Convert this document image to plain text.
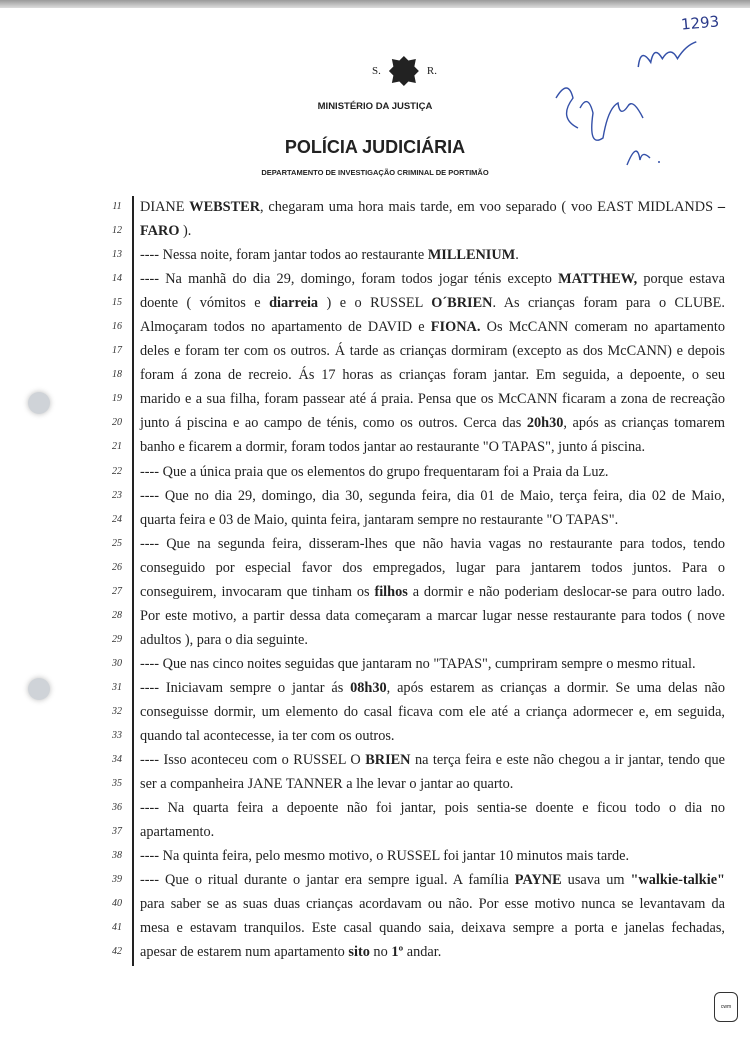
S.	R.
MINISTÉRIO DA JUSTIÇA
POLÍCIA JUDICIÁRIA
DEPARTAMENTO DE INVESTIGAÇÃO CRIMINAL DE PORTIMÃO
1293
11	DIANE WEBSTER, chegaram uma hora mais tarde, em voo separado ( voo EAST MIDLANDS –
12 FARO ).
13 ---- Nessa noite, foram jantar todos ao restaurante MILLENIUM.
14 ---- Na manhã do dia 29, domingo, foram todos jogar ténis excepto MATTHEW, porque estava
15 doente ( vómitos e diarreia ) e o RUSSEL O´BRIEN. As crianças foram para o CLUBE.
16 Almoçaram todos no apartamento de DAVID e FIONA. Os McCANN comeram no apartamento
17 deles e foram ter com os outros. Á tarde as crianças dormiram (excepto as dos McCANN) e depois
18 foram á zona de recreio. Ás 17 horas as crianças foram jantar. Em seguida, a depoente, o seu
19 marido e a sua filha, foram passear até á praia. Pensa que os McCANN ficaram a zona de recreação
20 junto á piscina e ao campo de ténis, como os outros. Cerca das 20h30, após as crianças tomarem
21 banho e ficarem a dormir, foram todos jantar ao restaurante "O TAPAS", junto á piscina.
22 ---- Que a única praia que os elementos do grupo frequentaram foi a Praia da Luz.
23 ---- Que no dia 29, domingo, dia 30, segunda feira, dia 01 de Maio, terça feira, dia 02 de Maio,
24 quarta feira e 03 de Maio, quinta feira, jantaram sempre no restaurante "O TAPAS".
25 ---- Que na segunda feira, disseram-lhes que não havia vagas no restaurante para todos, tendo
26 conseguido por especial favor dos empregados, lugar para jantarem todos juntos. Para o
27 conseguirem, invocaram que tinham os filhos a dormir e não poderiam deslocar-se para outro lado.
28 Por este motivo, a partir dessa data começaram a marcar lugar nesse restaurante para todos ( nove
29 adultos ), para o dia seguinte.
30 ---- Que nas cinco noites seguidas que jantaram no "TAPAS", cumpriram sempre o mesmo ritual.
31 ---- Iniciavam sempre o jantar ás 08h30, após estarem as crianças a dormir. Se uma delas não
32 conseguisse dormir, um elemento do casal ficava com ele até a criança adormecer e, em seguida,
33 quando tal acontecesse, ia ter com os outros.
34 ---- Isso aconteceu com o RUSSEL O BRIEN na terça feira e este não chegou a ir jantar, tendo que
35 ser a companheira JANE TANNER a lhe levar o jantar ao quarto.
36 ---- Na quarta feira a depoente não foi jantar, pois sentia-se doente e ficou todo o dia no
37 apartamento.
38 ---- Na quinta feira, pelo mesmo motivo, o RUSSEL foi jantar 10 minutos mais tarde.
39 ---- Que o ritual durante o jantar era sempre igual. A família PAYNE usava um "walkie-talkie"
40 para saber se as suas duas crianças acordavam ou não. Por esse motivo nunca se levantavam da
41 mesa e estavam tranquilos. Este casal quando saia, deixava sempre a porta e janelas fechadas,
42 apesar de estarem num apartamento sito no 1º andar.
cwm
